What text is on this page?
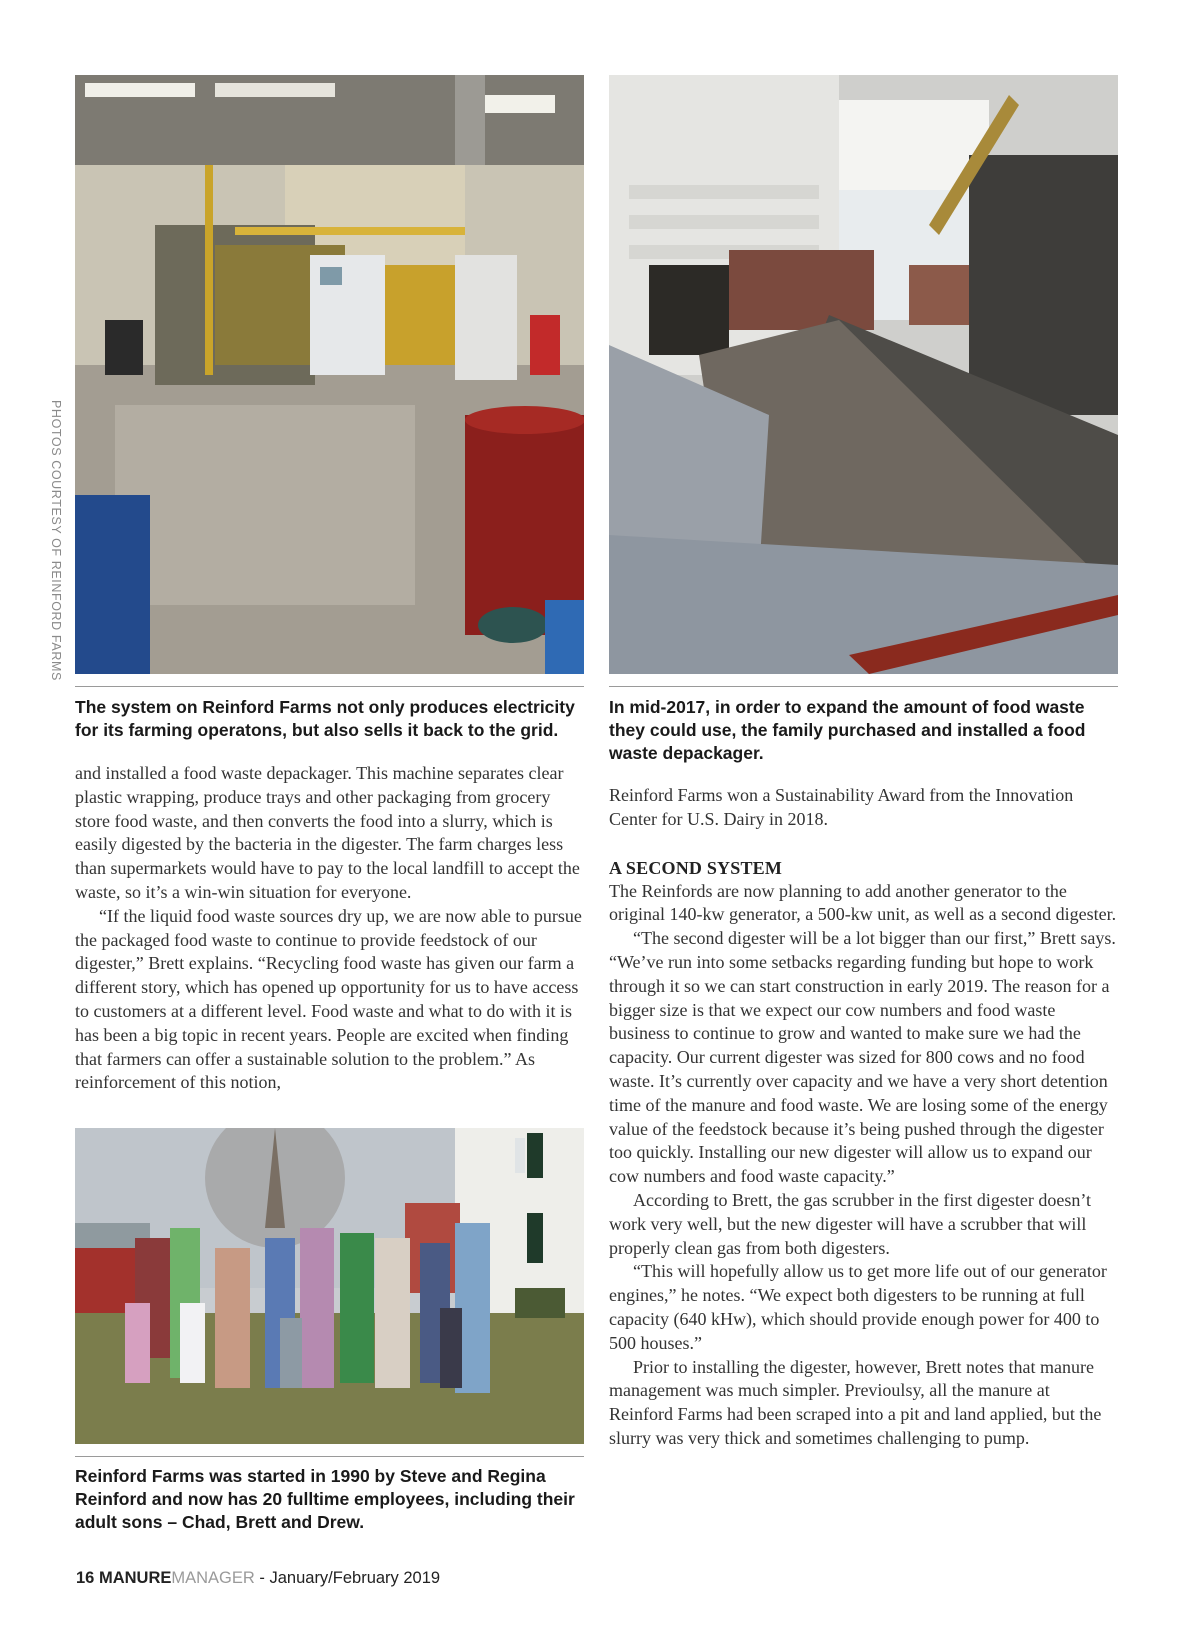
PHOTOS COURTESY OF REINFORD FARMS
The system on Reinford Farms not only produces electricity for its farming operatons, but also sells it back to the grid.
In mid-2017, in order to expand the amount of food waste they could use, the family purchased and installed a food waste depackager.

and installed a food waste depackager. This machine separates clear plastic wrapping, produce trays and other packaging from grocery store food waste, and then converts the food into a slurry, which is easily digested by the bacteria in the digester. The farm charges less than supermarkets would have to pay to the local landfill to accept the waste, so it’s a win-win situation for everyone.

“If the liquid food waste sources dry up, we are now able to pursue the packaged food waste to continue to provide feedstock of our digester,” Brett explains. “Recycling food waste has given our farm a different story, which has opened up opportunity for us to have access to customers at a different level. Food waste and what to do with it is has been a big topic in recent years. People are excited when finding that farmers can offer a sustainable solution to the problem.” As reinforcement of this notion,

Reinford Farms was started in 1990 by Steve and Regina Reinford and now has 20 fulltime employees, including their adult sons – Chad, Brett and Drew.

Reinford Farms won a Sustainability Award from the Innovation Center for U.S. Dairy in 2018.

A SECOND SYSTEM

The Reinfords are now planning to add another generator to the original 140-kw generator, a 500-kw unit, as well as a second digester.

“The second digester will be a lot bigger than our first,” Brett says. “We’ve run into some setbacks regarding funding but hope to work through it so we can start construction in early 2019. The reason for a bigger size is that we expect our cow numbers and food waste business to continue to grow and wanted to make sure we had the capacity. Our current digester was sized for 800 cows and no food waste. It’s currently over capacity and we have a very short detention time of the manure and food waste. We are losing some of the energy value of the feedstock because it’s being pushed through the digester too quickly. Installing our new digester will allow us to expand our cow numbers and food waste capacity.”

According to Brett, the gas scrubber in the first digester doesn’t work very well, but the new digester will have a scrubber that will properly clean gas from both digesters.

“This will hopefully allow us to get more life out of our generator engines,” he notes. “We expect both digesters to be running at full capacity (640 kHw), which should provide enough power for 400 to 500 houses.”

Prior to installing the digester, however, Brett notes that manure management was much simpler. Previoulsy, all the manure at Reinford Farms had been scraped into a pit and land applied, but the slurry was very thick and sometimes challenging to pump.

16 MANUREMANAGER - January/February 2019
